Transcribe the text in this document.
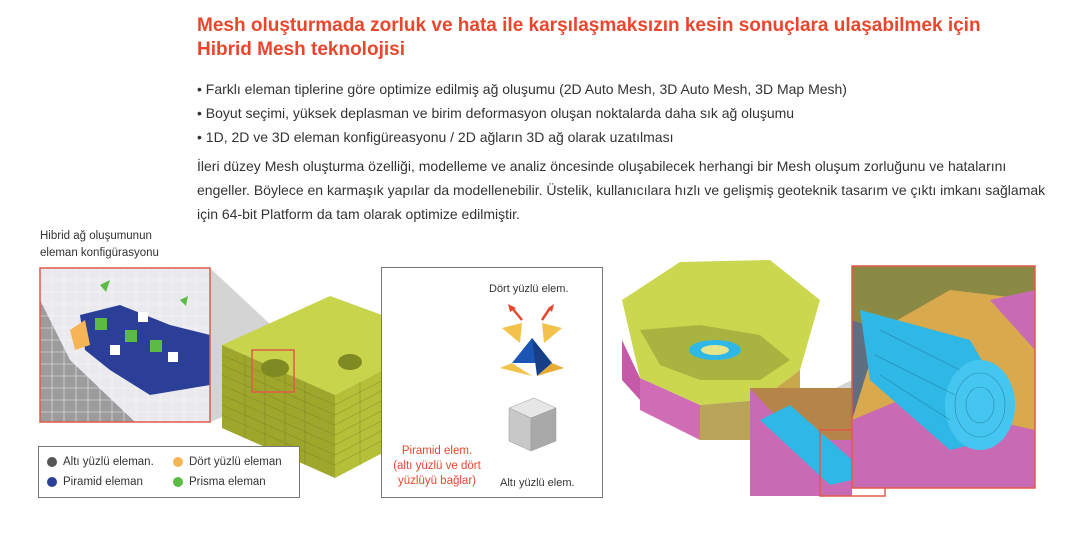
Mesh oluşturmada zorluk ve hata ile karşılaşmaksızın kesin sonuçlara ulaşabilmek için
Hibrid Mesh teknolojisi
• Farklı eleman tiplerine göre optimize edilmiş ağ oluşumu (2D Auto Mesh, 3D Auto Mesh, 3D Map Mesh)
• Boyut seçimi, yüksek deplasman ve birim deformasyon oluşan noktalarda daha sık ağ oluşumu
• 1D, 2D ve 3D eleman konfigüreasyonu / 2D ağların 3D ağ olarak uzatılması

İleri düzey Mesh oluşturma özelliği, modelleme ve analiz öncesinde oluşabilecek herhangi bir Mesh oluşum zorluğunu ve hatalarını engeller. Böylece en karmaşık yapılar da modellenebilir. Üstelik, kullanıcılara hızlı ve gelişmiş geoteknik tasarım ve çıktı imkanı sağlamak için 64-bit Platform da tam olarak optimize edilmiştir.

Hibrid ağ oluşumunun
eleman konfigürasyonu
Altı yüzlü eleman.	Dört yüzlü eleman
Piramid eleman	Prisma eleman
Dört yüzlü elem.
Piramid elem.
(altı yüzlü ve dört
yüzlüyü bağlar)	Altı yüzlü elem.
